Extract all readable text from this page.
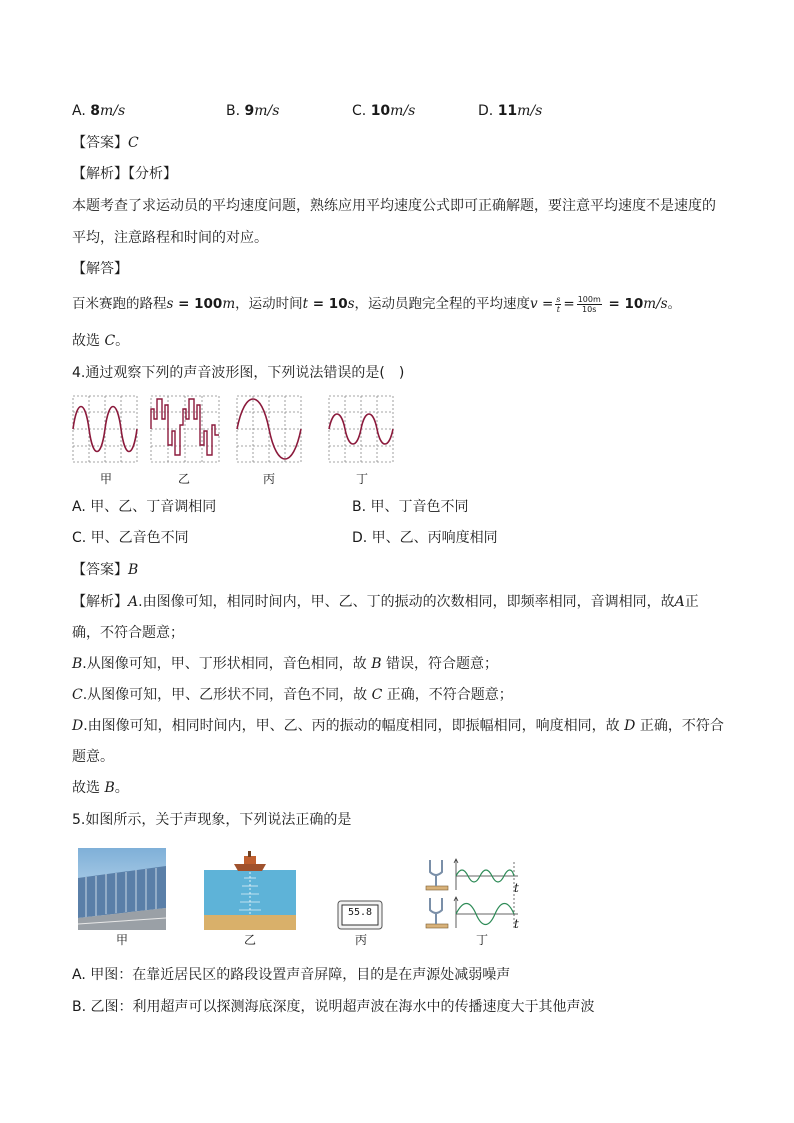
A. 8m/s	B. 9m/s	C. 10m/s	D. 11m/s
【答案】C
【解析】【分析】
本题考查了求运动员的平均速度问题，熟练应用平均速度公式即可正确解题，要注意平均速度不是速度的
平均，注意路程和时间的对应。
【解答】
百米赛跑的路程s = 100m，运动时间t = 10s，运动员跑完全程的平均速度$v = \frac{s}{t} = \frac{100m}{10s} = 10m/s$。
故选 C。
4.通过观察下列的声音波形图，下列说法错误的是(　)
甲	乙	丙	丁
A. 甲、乙、丁音调相同	B. 甲、丁音色不同
C. 甲、乙音色不同	D. 甲、乙、丙响度相同
【答案】B
【解析】A.由图像可知，相同时间内，甲、乙、丁的振动的次数相同，即频率相同，音调相同，故A正
确，不符合题意；
B.从图像可知，甲、丁形状相同，音色相同，故 B 错误，符合题意；
C.从图像可知，甲、乙形状不同，音色不同，故 C 正确，不符合题意；
D.由图像可知，相同时间内，甲、乙、丙的振动的幅度相同，即振幅相同，响度相同，故 D 正确，不符合
题意。
故选 B。
5.如图所示，关于声现象，下列说法正确的是
55.8
t
t
甲	乙	丙	丁
A. 甲图：在靠近居民区的路段设置声音屏障，目的是在声源处减弱噪声
B. 乙图：利用超声可以探测海底深度，说明超声波在海水中的传播速度大于其他声波
